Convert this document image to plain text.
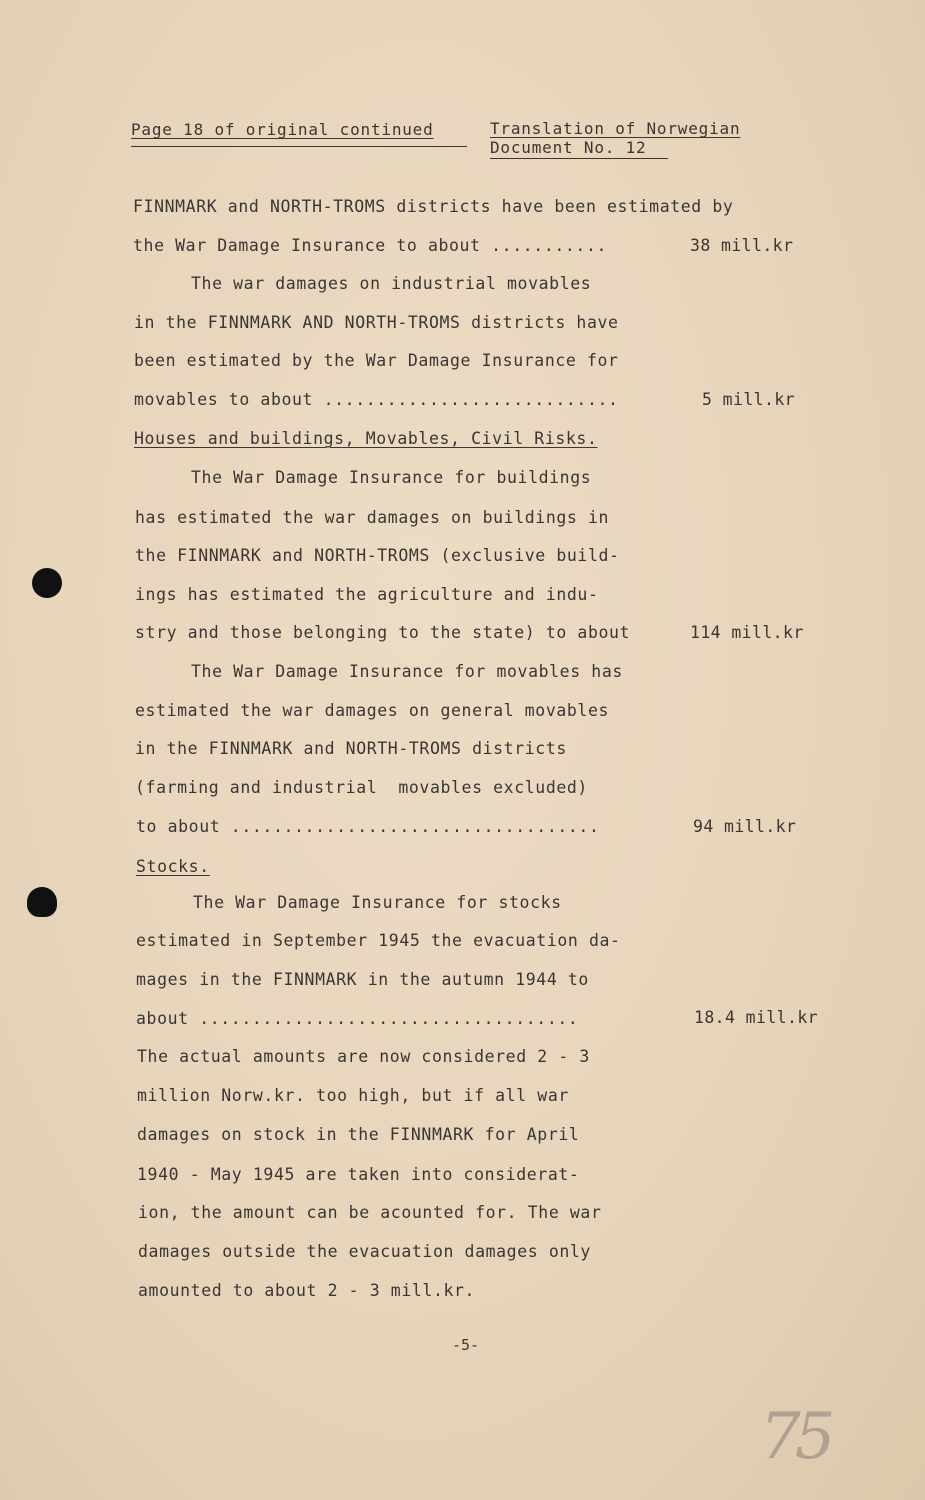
Page 18 of original continued	Translation of Norwegian
Document No. 12
FINNMARK and NORTH-TROMS districts have been estimated by
the War Damage Insurance to about ...........	38 mill.kr
The war damages on industrial movables
in the FINNMARK AND NORTH-TROMS districts have
been estimated by the War Damage Insurance for
movables to about ............................	5 mill.kr
Houses and buildings, Movables, Civil Risks.
The War Damage Insurance for buildings
has estimated the war damages on buildings in
the FINNMARK and NORTH-TROMS (exclusive build-
ings has estimated the agriculture and indu-
stry and those belonging to the state) to about	114 mill.kr
The War Damage Insurance for movables has
estimated the war damages on general movables
in the FINNMARK and NORTH-TROMS districts
(farming and industrial  movables excluded)
to about ...................................	94 mill.kr
Stocks.
The War Damage Insurance for stocks
estimated in September 1945 the evacuation da-
mages in the FINNMARK in the autumn 1944 to
about ....................................	18.4 mill.kr
The actual amounts are now considered 2 - 3
million Norw.kr. too high, but if all war
damages on stock in the FINNMARK for April
1940 - May 1945 are taken into considerat-
ion, the amount can be acounted for. The war
damages outside the evacuation damages only
amounted to about 2 - 3 mill.kr.
-5-
75
